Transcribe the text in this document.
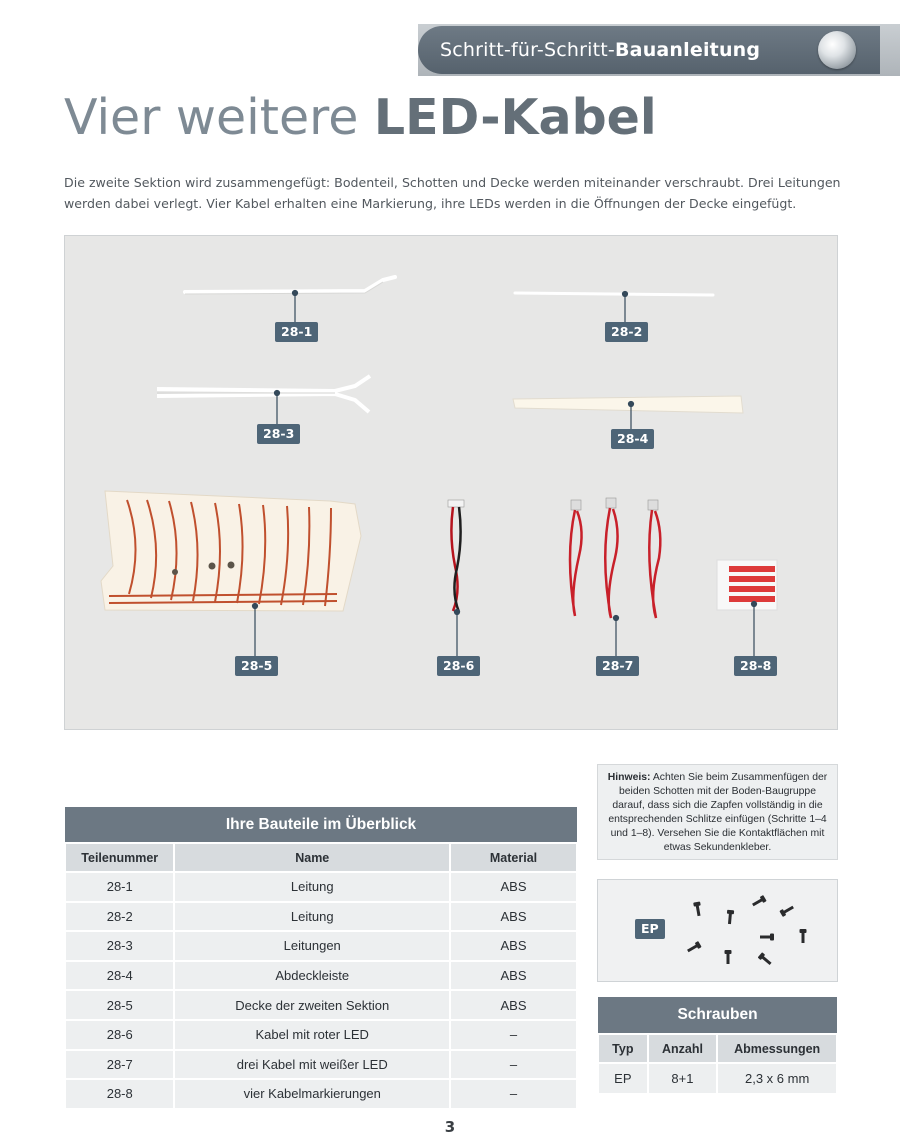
Schritt-für-Schritt-Bauanleitung
Vier weitere LED-Kabel

Die zweite Sektion wird zusammengefügt: Bodenteil, Schotten und Decke werden miteinander verschraubt. Drei Leitungen werden dabei verlegt. Vier Kabel erhalten eine Markierung, ihre LEDs werden in die Öffnungen der Decke eingefügt.

28-1	28-2
28-3	28-4
28-5	28-6	28-7	28-8
Hinweis: Achten Sie beim Zusammenfügen der beiden Schotten mit der Boden-Baugruppe darauf, dass sich die Zapfen vollständig in die entsprechenden Schlitze einfügen (Schritte 1–4 und 1–8). Versehen Sie die Kontaktflächen mit etwas Sekundenkleber.
EP
Ihre Bauteile im Überblick		
Teilenummer	Name	Material
28-1	Leitung	ABS
28-2	Leitung	ABS
28-3	Leitungen	ABS
28-4	Abdeckleiste	ABS
28-5	Decke der zweiten Sektion	ABS
28-6	Kabel mit roter LED	–
28-7	drei Kabel mit weißer LED	–
28-8	vier Kabelmarkierungen	–
Schrauben		
Typ	Anzahl	Abmessungen
EP	8+1	2,3 x 6 mm
3
